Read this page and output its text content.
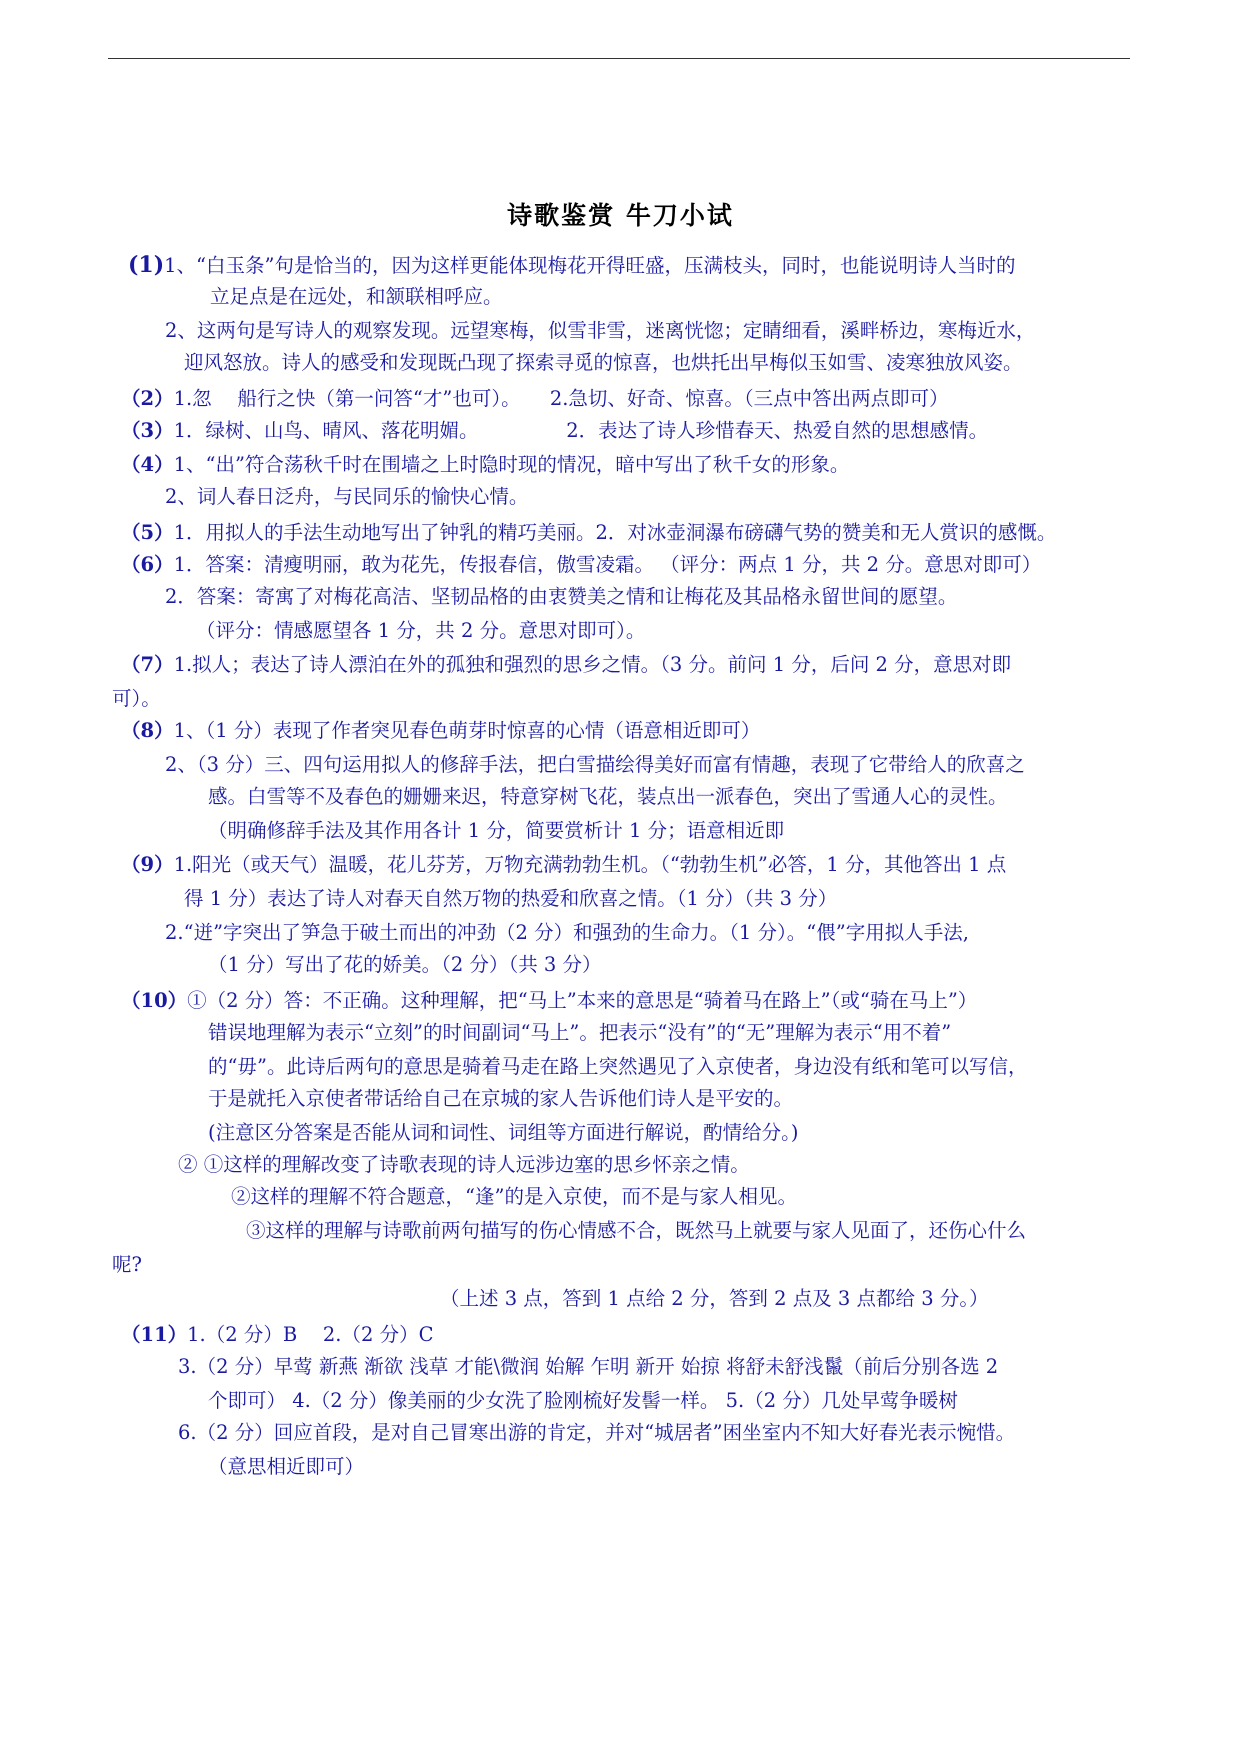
诗歌鉴赏 牛刀小试
(1)1、“白玉条”句是恰当的，因为这样更能体现梅花开得旺盛，压满枝头，同时，也能说明诗人当时的
立足点是在远处，和颔联相呼应。
2、这两句是写诗人的观察发现。远望寒梅，似雪非雪，迷离恍惚；定睛细看，溪畔桥边，寒梅近水，
迎风怒放。诗人的感受和发现既凸现了探索寻觅的惊喜，也烘托出早梅似玉如雪、凌寒独放风姿。
（2）1.忽　 船行之快（第一问答“才”也可）。　　2.急切、好奇、惊喜。（三点中答出两点即可）
（3）1．绿树、山鸟、晴风、落花明媚。　　　　　2．表达了诗人珍惜春天、热爱自然的思想感情。
（4）1、“出”符合荡秋千时在围墙之上时隐时现的情况，暗中写出了秋千女的形象。
2、词人春日泛舟，与民同乐的愉快心情。
（5）1．用拟人的手法生动地写出了钟乳的精巧美丽。2．对冰壶洞瀑布磅礴气势的赞美和无人赏识的感慨。
（6）1．答案：清瘦明丽，敢为花先，传报春信，傲雪凌霜。 （评分：两点 1 分，共 2 分。意思对即可）
2．答案：寄寓了对梅花高洁、坚韧品格的由衷赞美之情和让梅花及其品格永留世间的愿望。
（评分：情感愿望各 1 分，共 2 分。意思对即可）。
（7）1.拟人；表达了诗人漂泊在外的孤独和强烈的思乡之情。（3 分。前问 1 分，后问 2 分，意思对即
可）。
（8）1、（1 分）表现了作者突见春色萌芽时惊喜的心情（语意相近即可）
2、（3 分）三、四句运用拟人的修辞手法，把白雪描绘得美好而富有情趣，表现了它带给人的欣喜之
感。白雪等不及春色的姗姗来迟，特意穿树飞花，装点出一派春色，突出了雪通人心的灵性。
（明确修辞手法及其作用各计 1 分，简要赏析计 1 分；语意相近即
（9）1.阳光（或天气）温暖，花儿芬芳，万物充满勃勃生机。（“勃勃生机”必答，1 分，其他答出 1 点
得 1 分）表达了诗人对春天自然万物的热爱和欣喜之情。（1 分）（共 3 分）
2.“迸”字突出了笋急于破土而出的冲劲（2 分）和强劲的生命力。（1 分）。“偎”字用拟人手法,
（1 分）写出了花的娇美。（2 分）（共 3 分）
（10）①（2 分）答：不正确。这种理解，把“马上”本来的意思是“骑着马在路上”（或“骑在马上”）
错误地理解为表示“立刻”的时间副词“马上”。把表示“没有”的“无”理解为表示“用不着”
的“毋”。此诗后两句的意思是骑着马走在路上突然遇见了入京使者，身边没有纸和笔可以写信，
于是就托入京使者带话给自己在京城的家人告诉他们诗人是平安的。
(注意区分答案是否能从词和词性、词组等方面进行解说，酌情给分。)
② ①这样的理解改变了诗歌表现的诗人远涉边塞的思乡怀亲之情。
②这样的理解不符合题意，“逢”的是入京使，而不是与家人相见。
③这样的理解与诗歌前两句描写的伤心情感不合，既然马上就要与家人见面了，还伤心什么
呢?
（上述 3 点，答到 1 点给 2 分，答到 2 点及 3 点都给 3 分。）
（11）1.（2 分）B　 2.（2 分）C
3.（2 分）早莺 新燕 渐欲 浅草 才能\微润 始解 乍明 新开 始掠 将舒未舒浅鬣（前后分别各选 2
个即可） 4.（2 分）像美丽的少女洗了脸刚梳好发髻一样。 5.（2 分）几处早莺争暖树
6.（2 分）回应首段，是对自己冒寒出游的肯定，并对“城居者”困坐室内不知大好春光表示惋惜。
（意思相近即可）
